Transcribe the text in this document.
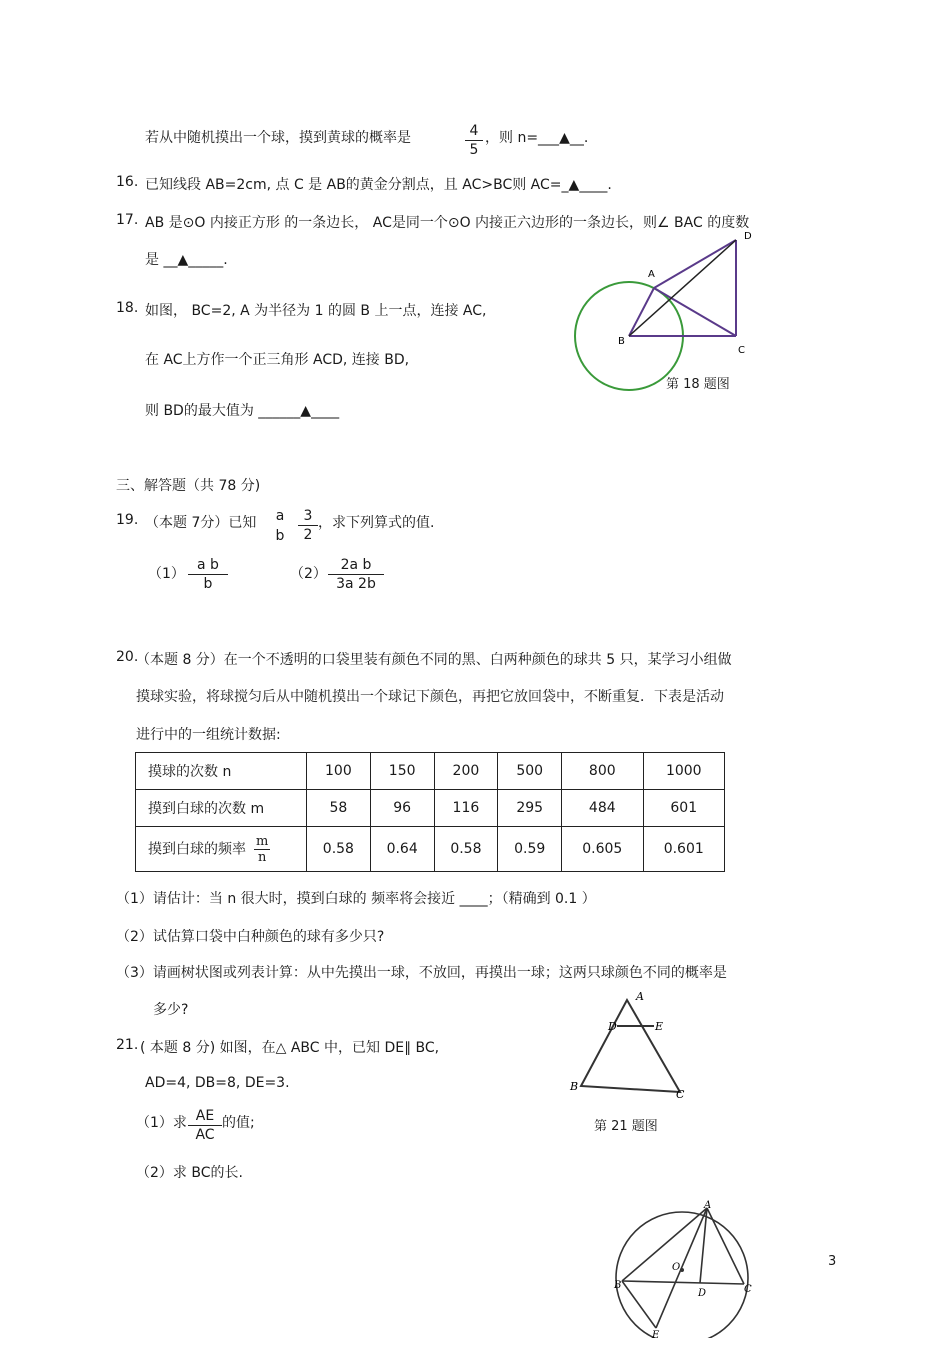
若从中随机摸出一个球，摸到黄球的概率是	$\frac{4}{5}$ ，则 n=___▲__.
16. 已知线段 AB=2cm, 点 C 是 AB的黄金分割点，且 AC>BC则 AC=_▲____.
17. AB 是⊙O 内接正方形 的一条边长， AC是同一个⊙O 内接正六边形的一条边长，则∠ BAC 的度数
是 __▲_____.
18. 如图， BC=2, A 为半径为 1 的圆 B 上一点，连接 AC,
在 AC上方作一个正三角形 ACD, 连接 BD,
则 BD的最大值为 ______▲____
A
B
C
D
第 18 题图
三、解答题（共 78 分)
19. （本题 7分）已知	a
b $\frac{3}{2}$ ，求下列算式的值.
$(1) \frac{\text{a b}}{b}$	$(2) \frac{\text{2a b}}{3a 2b}$
20.
（本题 8 分）在一个不透明的口袋里装有颜色不同的黑、白两种颜色的球共 5 只，某学习小组做
摸球实验，将球搅匀后从中随机摸出一个球记下颜色，再把它放回袋中，不断重复．下表是活动
进行中的一组统计数据:
摸球的次数 n	100	150	200	500	800	1000
摸到白球的次数 m	58	96	116	295	484	601
摸到白球的频率 $\frac{m}{n}$	0.58	0.64	0.58	0.59	0.605	0.601
（1）请估计：当 n 很大时，摸到白球的 频率将会接近 ____；（精确到 0.1 ）
（2）试估算口袋中白种颜色的球有多少只?
（3）请画树状图或列表计算：从中先摸出一球，不放回，再摸出一球；这两只球颜色不同的概率是
多少?
21. ( 本题 8 分) 如图，在△ ABC 中，已知 DE∥ BC,
AD=4, DB=8, DE=3.
（1）求 $\frac{AE}{AC}$ 的值;
（2）求 BC的长.
A
D	E
B
C
第 21 题图
A
B	C
D
E
O	3
